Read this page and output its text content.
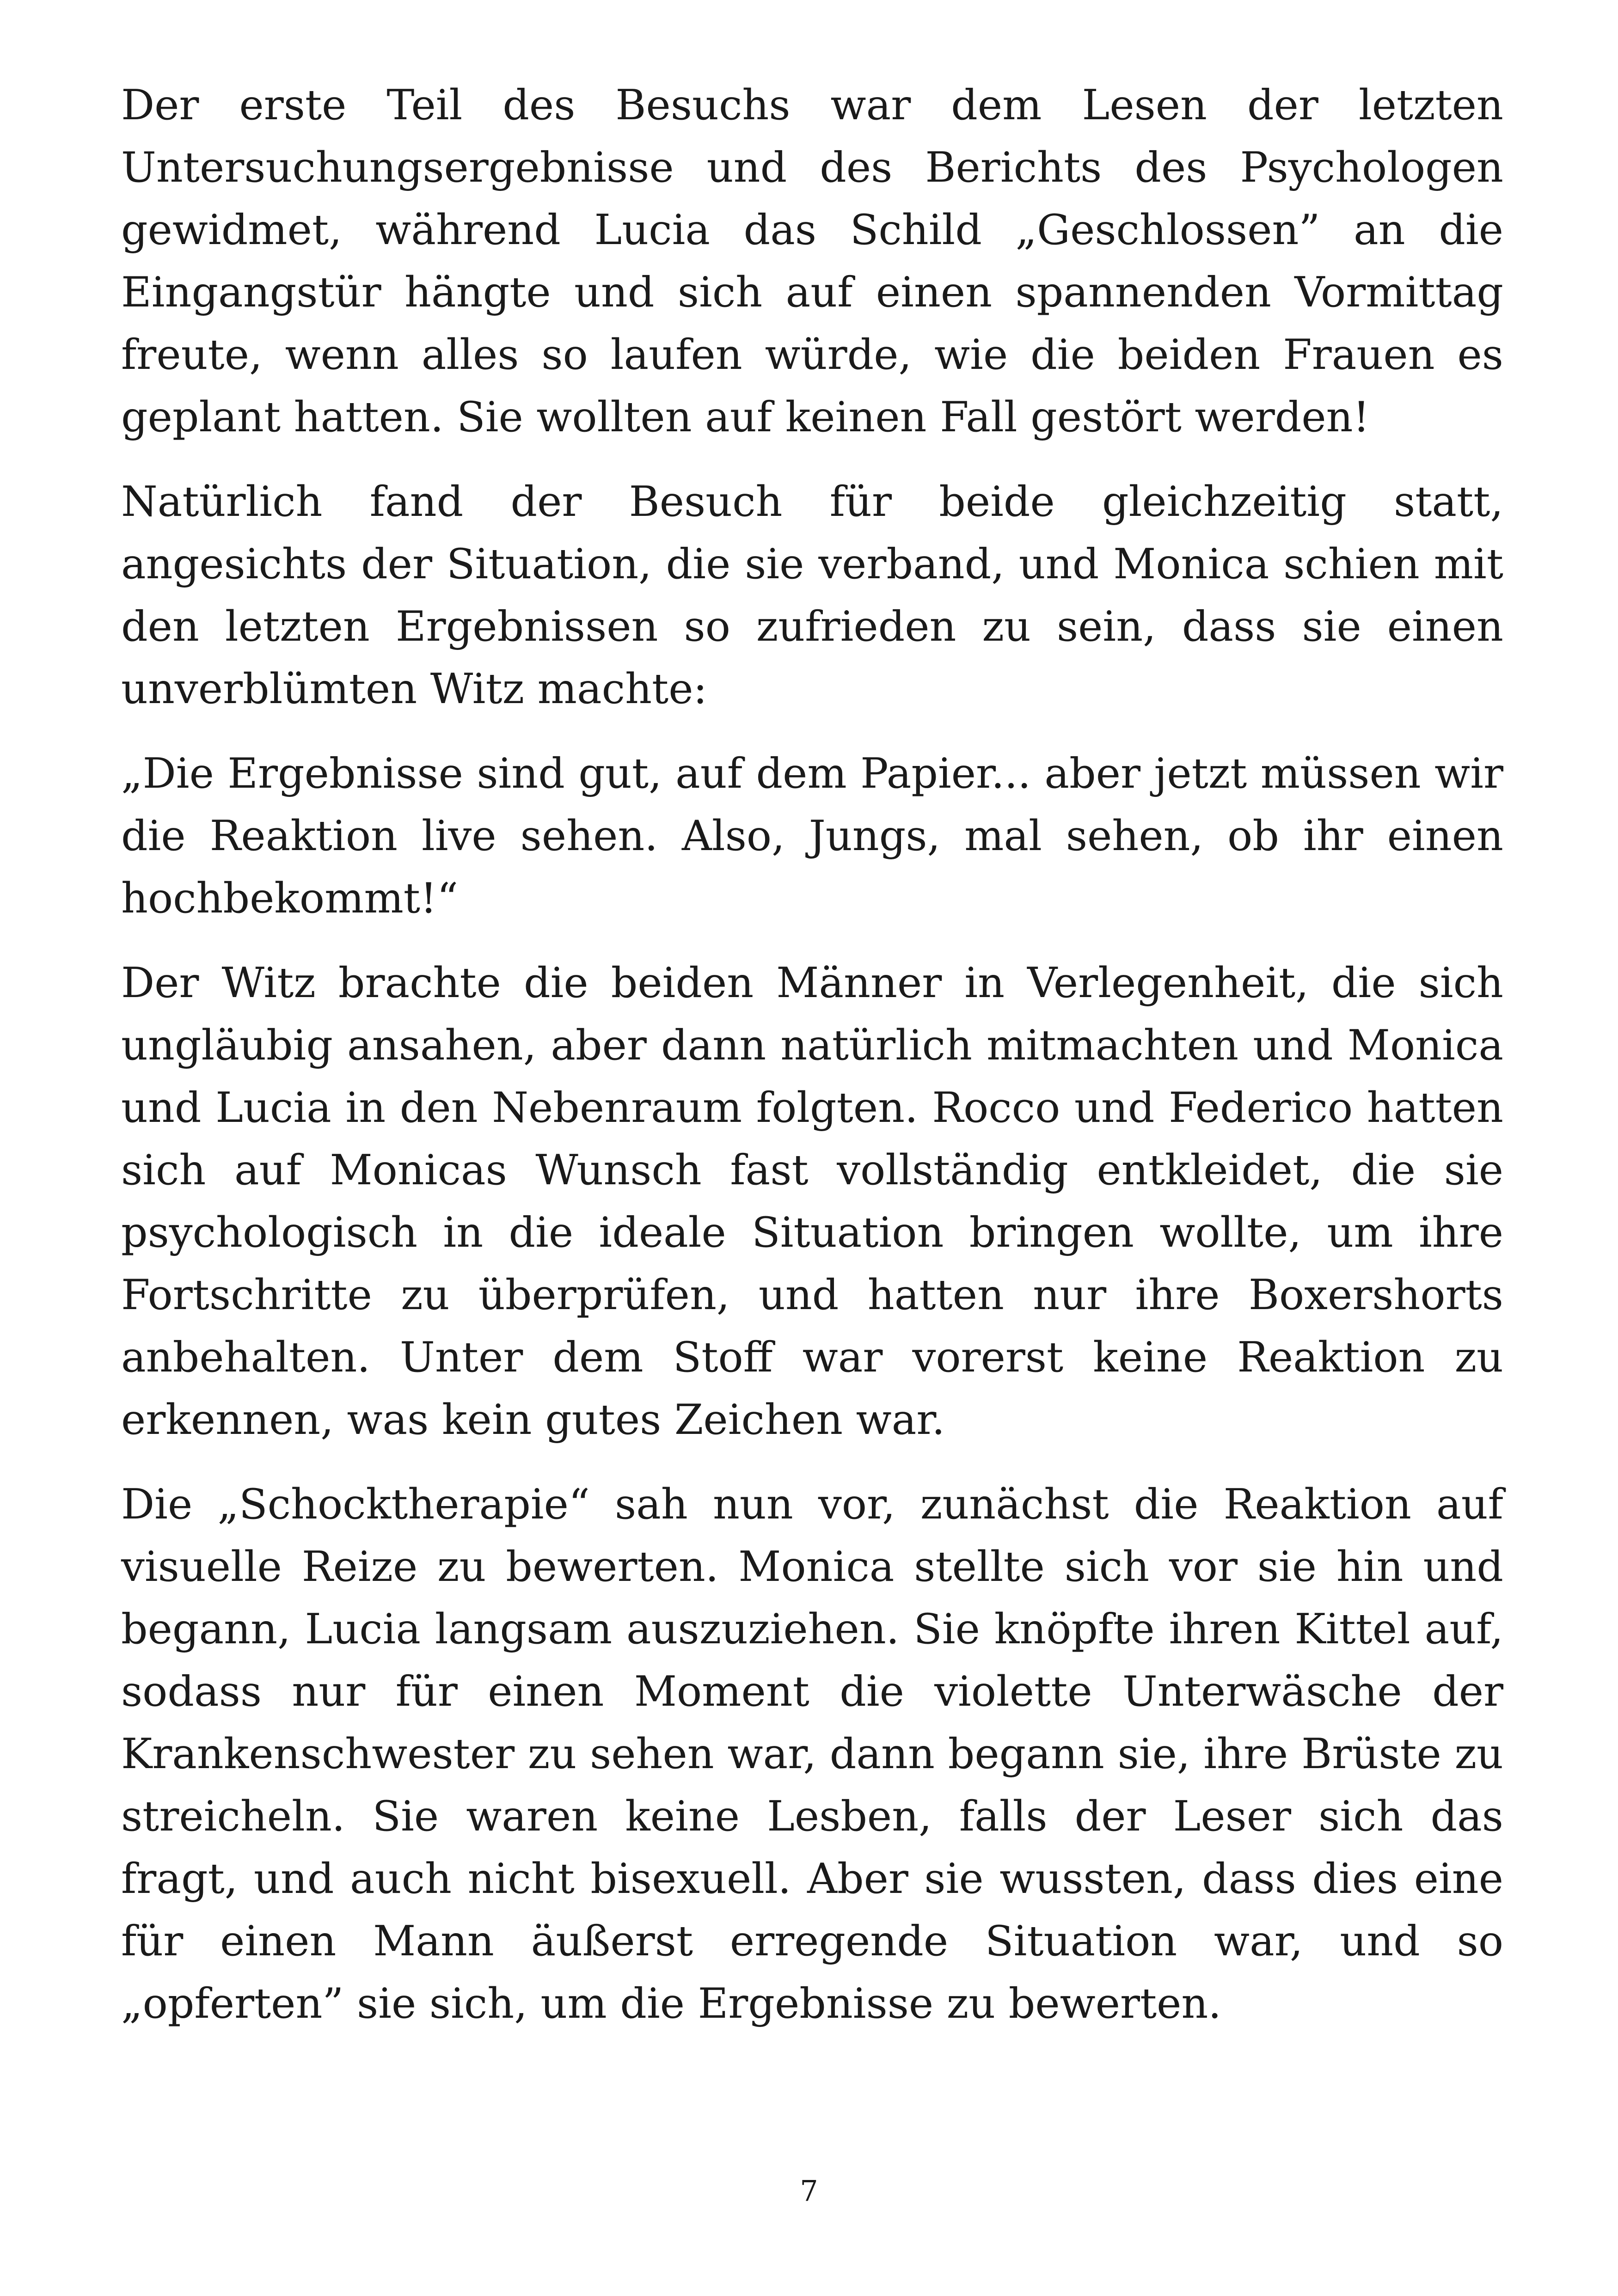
Der erste Teil des Besuchs war dem Lesen der letzten Untersuchungsergebnisse und des Berichts des Psychologen gewidmet, während Lucia das Schild „Geschlossen” an die Eingangstür hängte und sich auf einen spannenden Vormittag freute, wenn alles so laufen würde, wie die beiden Frauen es geplant hatten. Sie wollten auf keinen Fall gestört werden!

Natürlich fand der Besuch für beide gleichzeitig statt, angesichts der Situation, die sie verband, und Monica schien mit den letzten Ergebnissen so zufrieden zu sein, dass sie einen unverblümten Witz machte:

„Die Ergebnisse sind gut, auf dem Papier... aber jetzt müssen wir die Reaktion live sehen. Also, Jungs, mal sehen, ob ihr einen hochbekommt!“

Der Witz brachte die beiden Männer in Verlegenheit, die sich ungläubig ansahen, aber dann natürlich mitmachten und Monica und Lucia in den Nebenraum folgten. Rocco und Federico hatten sich auf Monicas Wunsch fast vollständig entkleidet, die sie psychologisch in die ideale Situation bringen wollte, um ihre Fortschritte zu überprüfen, und hatten nur ihre Boxershorts anbehalten. Unter dem Stoff war vorerst keine Reaktion zu erkennen, was kein gutes Zeichen war.

Die „Schocktherapie“ sah nun vor, zunächst die Reaktion auf visuelle Reize zu bewerten. Monica stellte sich vor sie hin und begann, Lucia langsam auszuziehen. Sie knöpfte ihren Kittel auf, sodass nur für einen Moment die violette Unterwäsche der Krankenschwester zu sehen war, dann begann sie, ihre Brüste zu streicheln. Sie waren keine Lesben, falls der Leser sich das fragt, und auch nicht bisexuell. Aber sie wussten, dass dies eine für einen Mann äußerst erregende Situation war, und so „opferten” sie sich, um die Ergebnisse zu bewerten.

7
